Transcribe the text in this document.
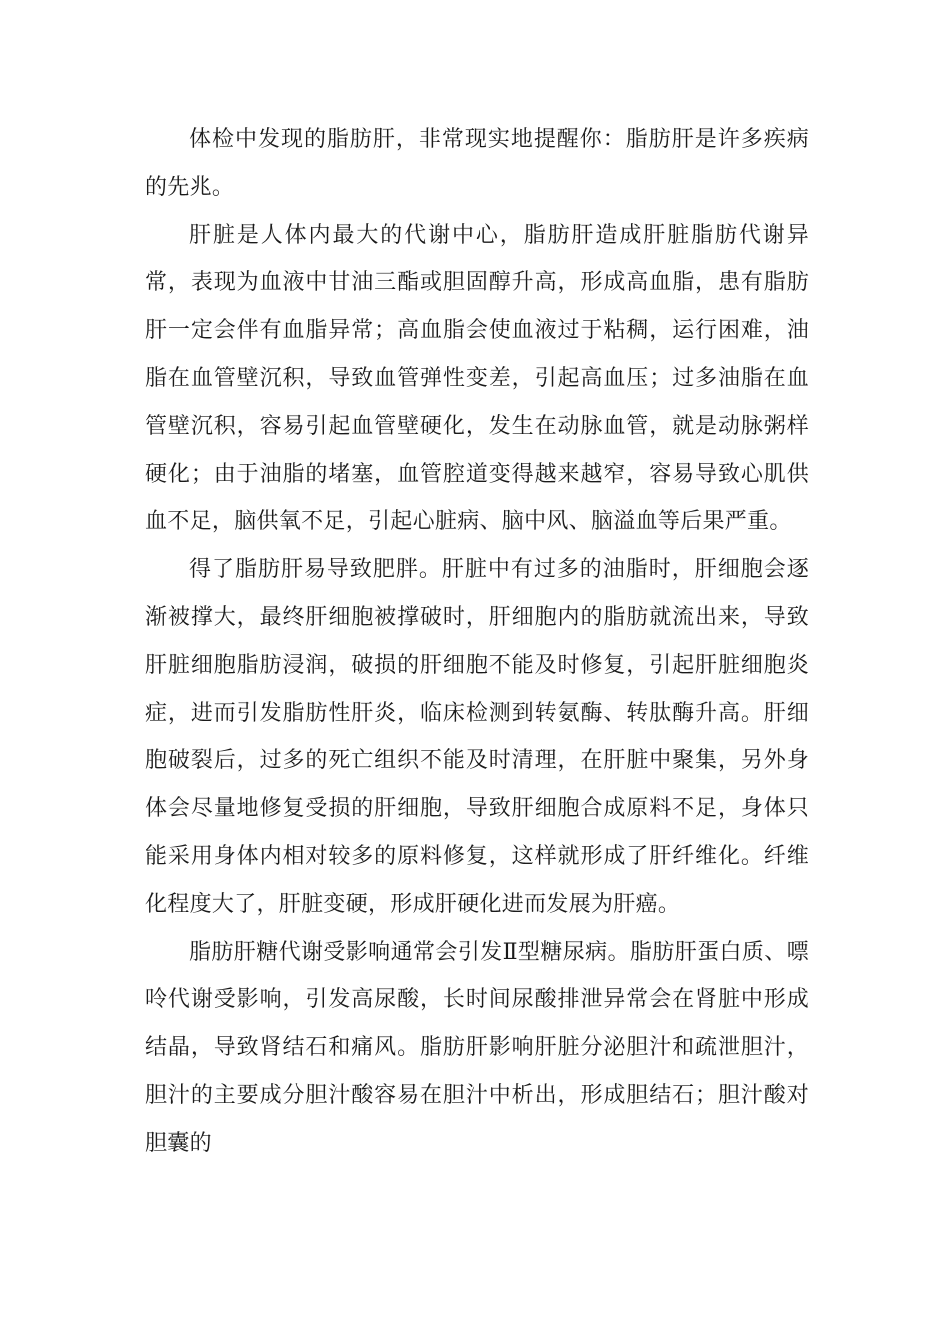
体检中发现的脂肪肝，非常现实地提醒你：脂肪肝是许多疾病的先兆。

肝脏是人体内最大的代谢中心，脂肪肝造成肝脏脂肪代谢异常，表现为血液中甘油三酯或胆固醇升高，形成高血脂，患有脂肪肝一定会伴有血脂异常；高血脂会使血液过于粘稠，运行困难，油脂在血管壁沉积，导致血管弹性变差，引起高血压；过多油脂在血管壁沉积，容易引起血管壁硬化，发生在动脉血管，就是动脉粥样硬化；由于油脂的堵塞，血管腔道变得越来越窄，容易导致心肌供血不足，脑供氧不足，引起心脏病、脑中风、脑溢血等后果严重。

得了脂肪肝易导致肥胖。肝脏中有过多的油脂时，肝细胞会逐渐被撑大，最终肝细胞被撑破时，肝细胞内的脂肪就流出来，导致肝脏细胞脂肪浸润，破损的肝细胞不能及时修复，引起肝脏细胞炎症，进而引发脂肪性肝炎，临床检测到转氨酶、转肽酶升高。肝细胞破裂后，过多的死亡组织不能及时清理，在肝脏中聚集，另外身体会尽量地修复受损的肝细胞，导致肝细胞合成原料不足，身体只能采用身体内相对较多的原料修复，这样就形成了肝纤维化。纤维化程度大了，肝脏变硬，形成肝硬化进而发展为肝癌。

脂肪肝糖代谢受影响通常会引发Ⅱ型糖尿病。脂肪肝蛋白质、嘌呤代谢受影响，引发高尿酸，长时间尿酸排泄异常会在肾脏中形成结晶，导致肾结石和痛风。脂肪肝影响肝脏分泌胆汁和疏泄胆汁，胆汁的主要成分胆汁酸容易在胆汁中析出，形成胆结石；胆汁酸对胆囊的
